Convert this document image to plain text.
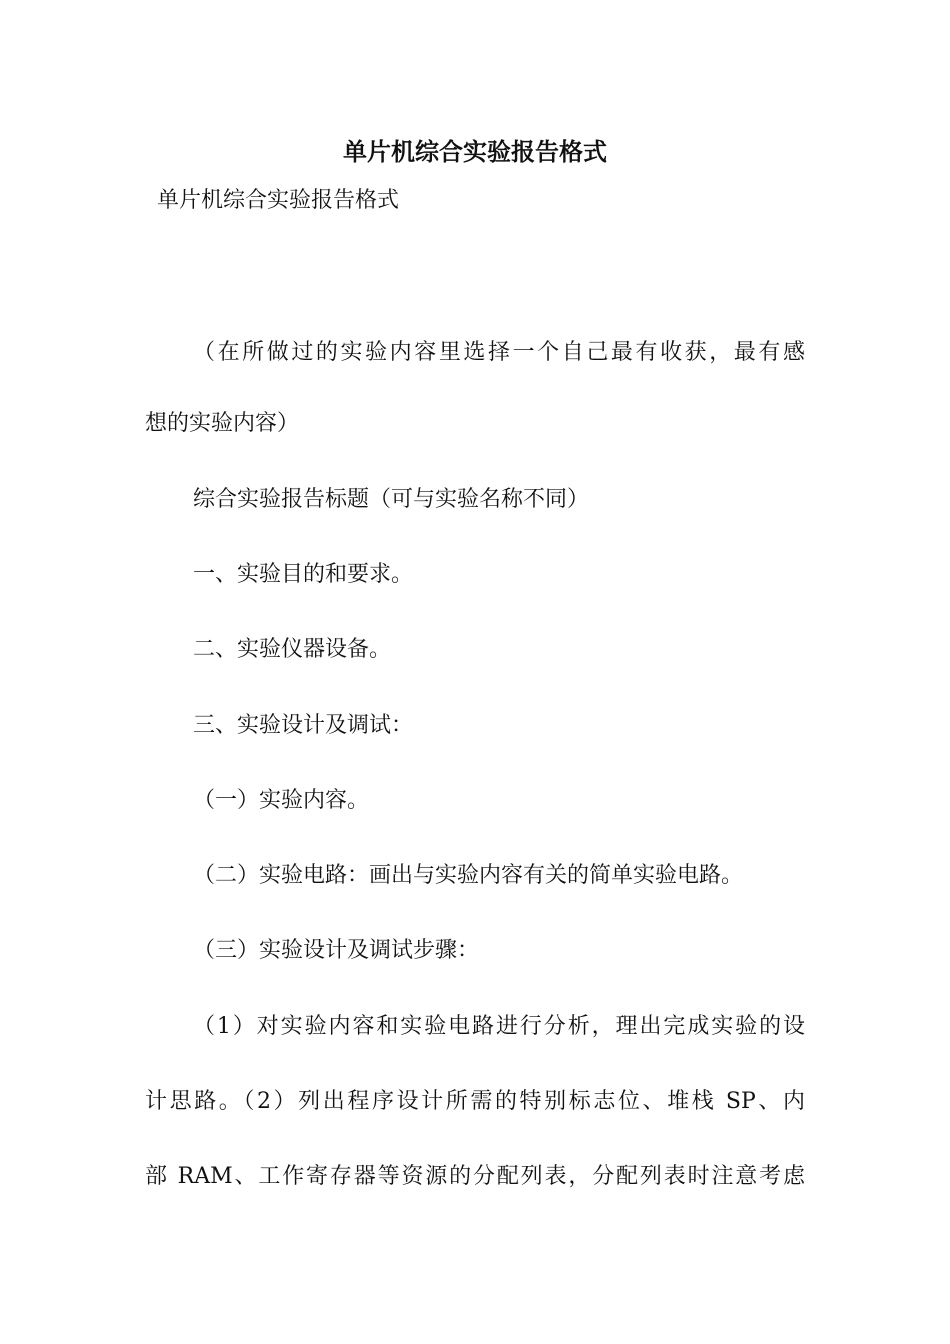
单片机综合实验报告格式

单片机综合实验报告格式

（在所做过的实验内容里选择一个自己最有收获，最有感

想的实验内容）

综合实验报告标题（可与实验名称不同）

一、实验目的和要求。

二、实验仪器设备。

三、实验设计及调试：

（一）实验内容。

（二）实验电路：画出与实验内容有关的简单实验电路。

（三）实验设计及调试步骤：

（1）对实验内容和实验电路进行分析，理出完成实验的设

计思路。（2）列出程序设计所需的特别标志位、堆栈 SP、内

部 RAM、工作寄存器等资源的分配列表，分配列表时注意考虑
